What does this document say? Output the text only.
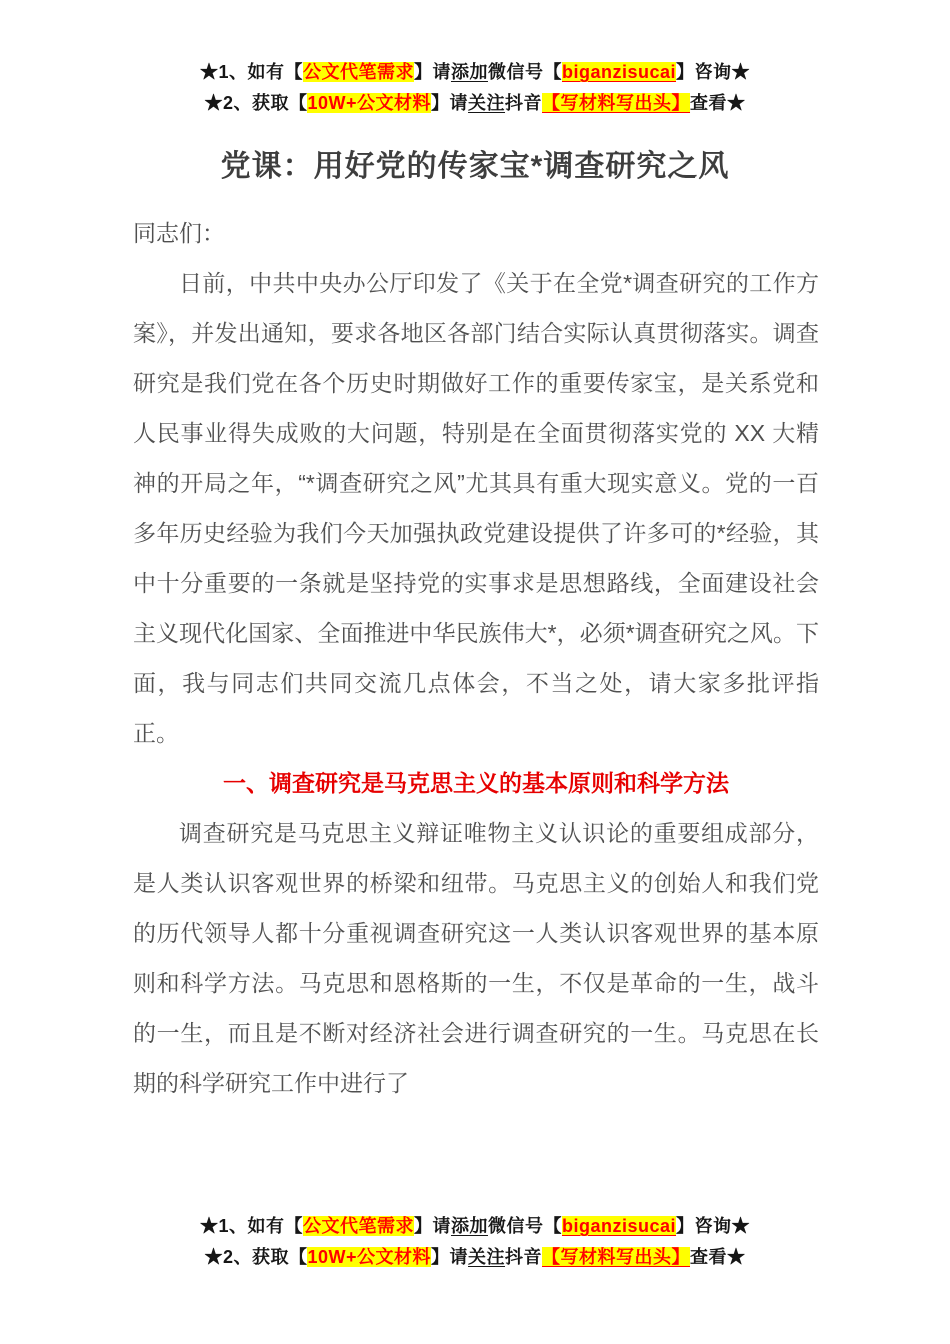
★1、如有【公文代笔需求】请添加微信号【biganzisucai】咨询★
★2、获取【10W+公文材料】请关注抖音【写材料写出头】查看★
党课：用好党的传家宝*调查研究之风

同志们：

日前，中共中央办公厅印发了《关于在全党*调查研究的工作方案》，并发出通知，要求各地区各部门结合实际认真贯彻落实。调查研究是我们党在各个历史时期做好工作的重要传家宝，是关系党和人民事业得失成败的大问题，特别是在全面贯彻落实党的 XX 大精神的开局之年，“*调查研究之风”尤其具有重大现实意义。党的一百多年历史经验为我们今天加强执政党建设提供了许多可的*经验，其中十分重要的一条就是坚持党的实事求是思想路线，全面建设社会主义现代化国家、全面推进中华民族伟大*，必须*调查研究之风。下面，我与同志们共同交流几点体会，不当之处，请大家多批评指正。

一、调查研究是马克思主义的基本原则和科学方法

调查研究是马克思主义辩证唯物主义认识论的重要组成部分，是人类认识客观世界的桥梁和纽带。马克思主义的创始人和我们党的历代领导人都十分重视调查研究这一人类认识客观世界的基本原则和科学方法。马克思和恩格斯的一生，不仅是革命的一生，战斗的一生，而且是不断对经济社会进行调查研究的一生。马克思在长期的科学研究工作中进行了

★1、如有【公文代笔需求】请添加微信号【biganzisucai】咨询★
★2、获取【10W+公文材料】请关注抖音【写材料写出头】查看★
